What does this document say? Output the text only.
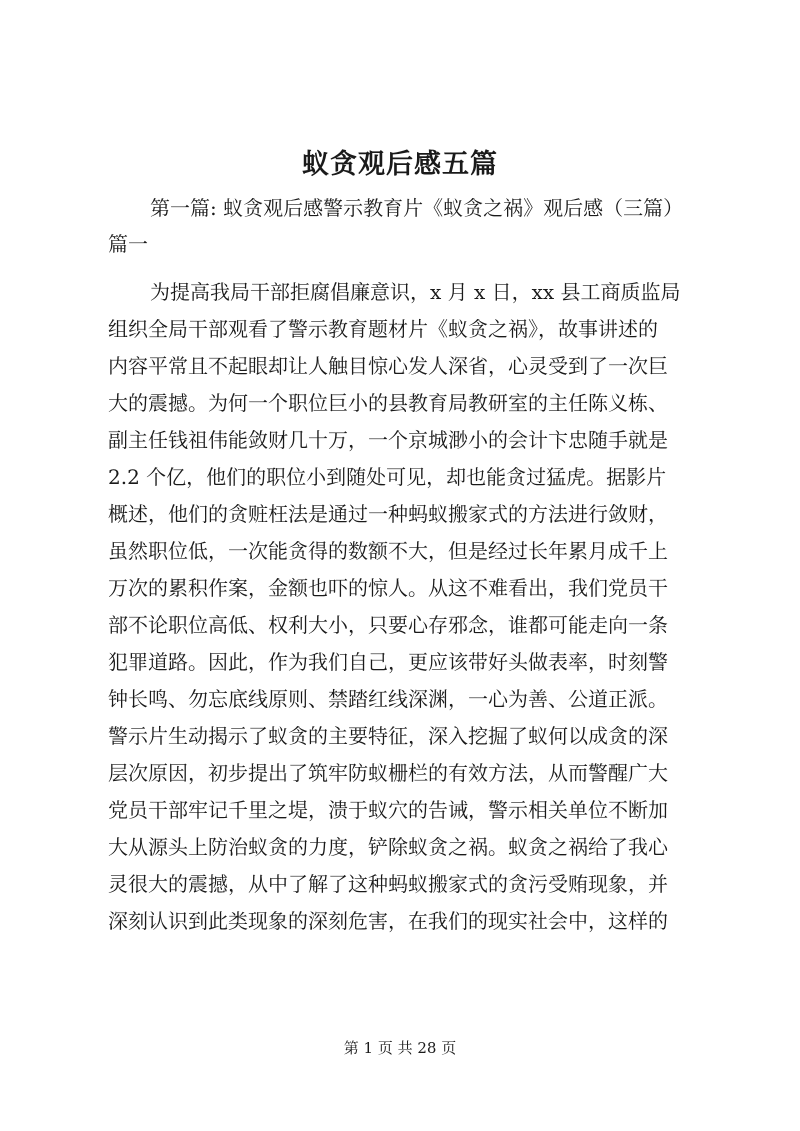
蚁贪观后感五篇
第一篇: 蚁贪观后感警示教育片《蚁贪之祸》观后感（三篇）
篇一
为提高我局干部拒腐倡廉意识，x 月 x 日，xx 县工商质监局
组织全局干部观看了警示教育题材片《蚁贪之祸》，故事讲述的
内容平常且不起眼却让人触目惊心发人深省，心灵受到了一次巨
大的震撼。为何一个职位巨小的县教育局教研室的主任陈义栋、
副主任钱祖伟能敛财几十万，一个京城渺小的会计卞忠随手就是
2.2 个亿，他们的职位小到随处可见，却也能贪过猛虎。据影片
概述，他们的贪赃枉法是通过一种蚂蚁搬家式的方法进行敛财，
虽然职位低，一次能贪得的数额不大，但是经过长年累月成千上
万次的累积作案，金额也吓的惊人。从这不难看出，我们党员干
部不论职位高低、权利大小，只要心存邪念，谁都可能走向一条
犯罪道路。因此，作为我们自己，更应该带好头做表率，时刻警
钟长鸣、勿忘底线原则、禁踏红线深渊，一心为善、公道正派。
警示片生动揭示了蚁贪的主要特征，深入挖掘了蚁何以成贪的深
层次原因，初步提出了筑牢防蚁栅栏的有效方法，从而警醒广大
党员干部牢记千里之堤，溃于蚁穴的告诫，警示相关单位不断加
大从源头上防治蚁贪的力度，铲除蚁贪之祸。蚁贪之祸给了我心
灵很大的震撼，从中了解了这种蚂蚁搬家式的贪污受贿现象，并
深刻认识到此类现象的深刻危害，在我们的现实社会中，这样的
第 1 页 共 28 页
